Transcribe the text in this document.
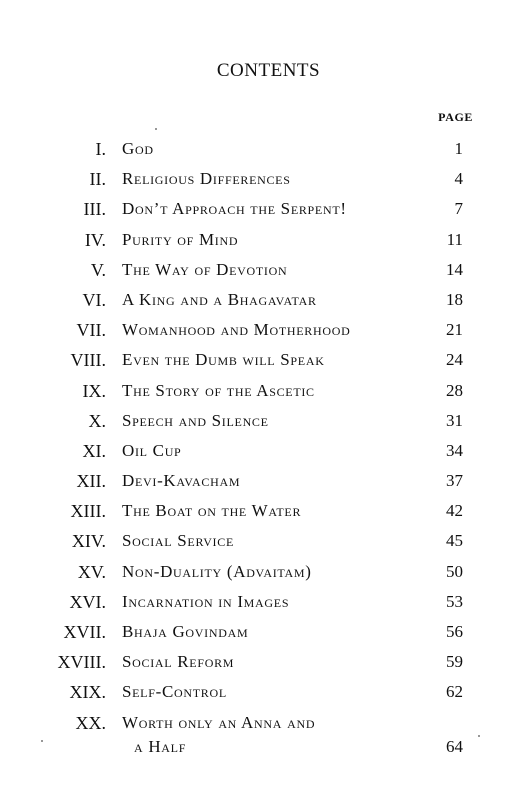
CONTENTS
PAGE
I. God	1
II. Religious Differences	4
III. Don’t Approach the Serpent!	7
IV. Purity of Mind	11
V. The Way of Devotion	14
VI. A King and a Bhagavatar	18
VII. Womanhood and Motherhood	21
VIII. Even the Dumb will Speak	24
IX. The Story of the Ascetic	28
X. Speech and Silence	31
XI. Oil Cup	34
XII. Devi-Kavacham	37
XIII. The Boat on the Water	42
XIV. Social Service	45
XV. Non-Duality (Advaitam)	50
XVI. Incarnation in Images	53
XVII. Bhaja Govindam	56
XVIII. Social Reform	59
XIX. Self-Control	62
XX. Worth only an Anna and
a Half	64
